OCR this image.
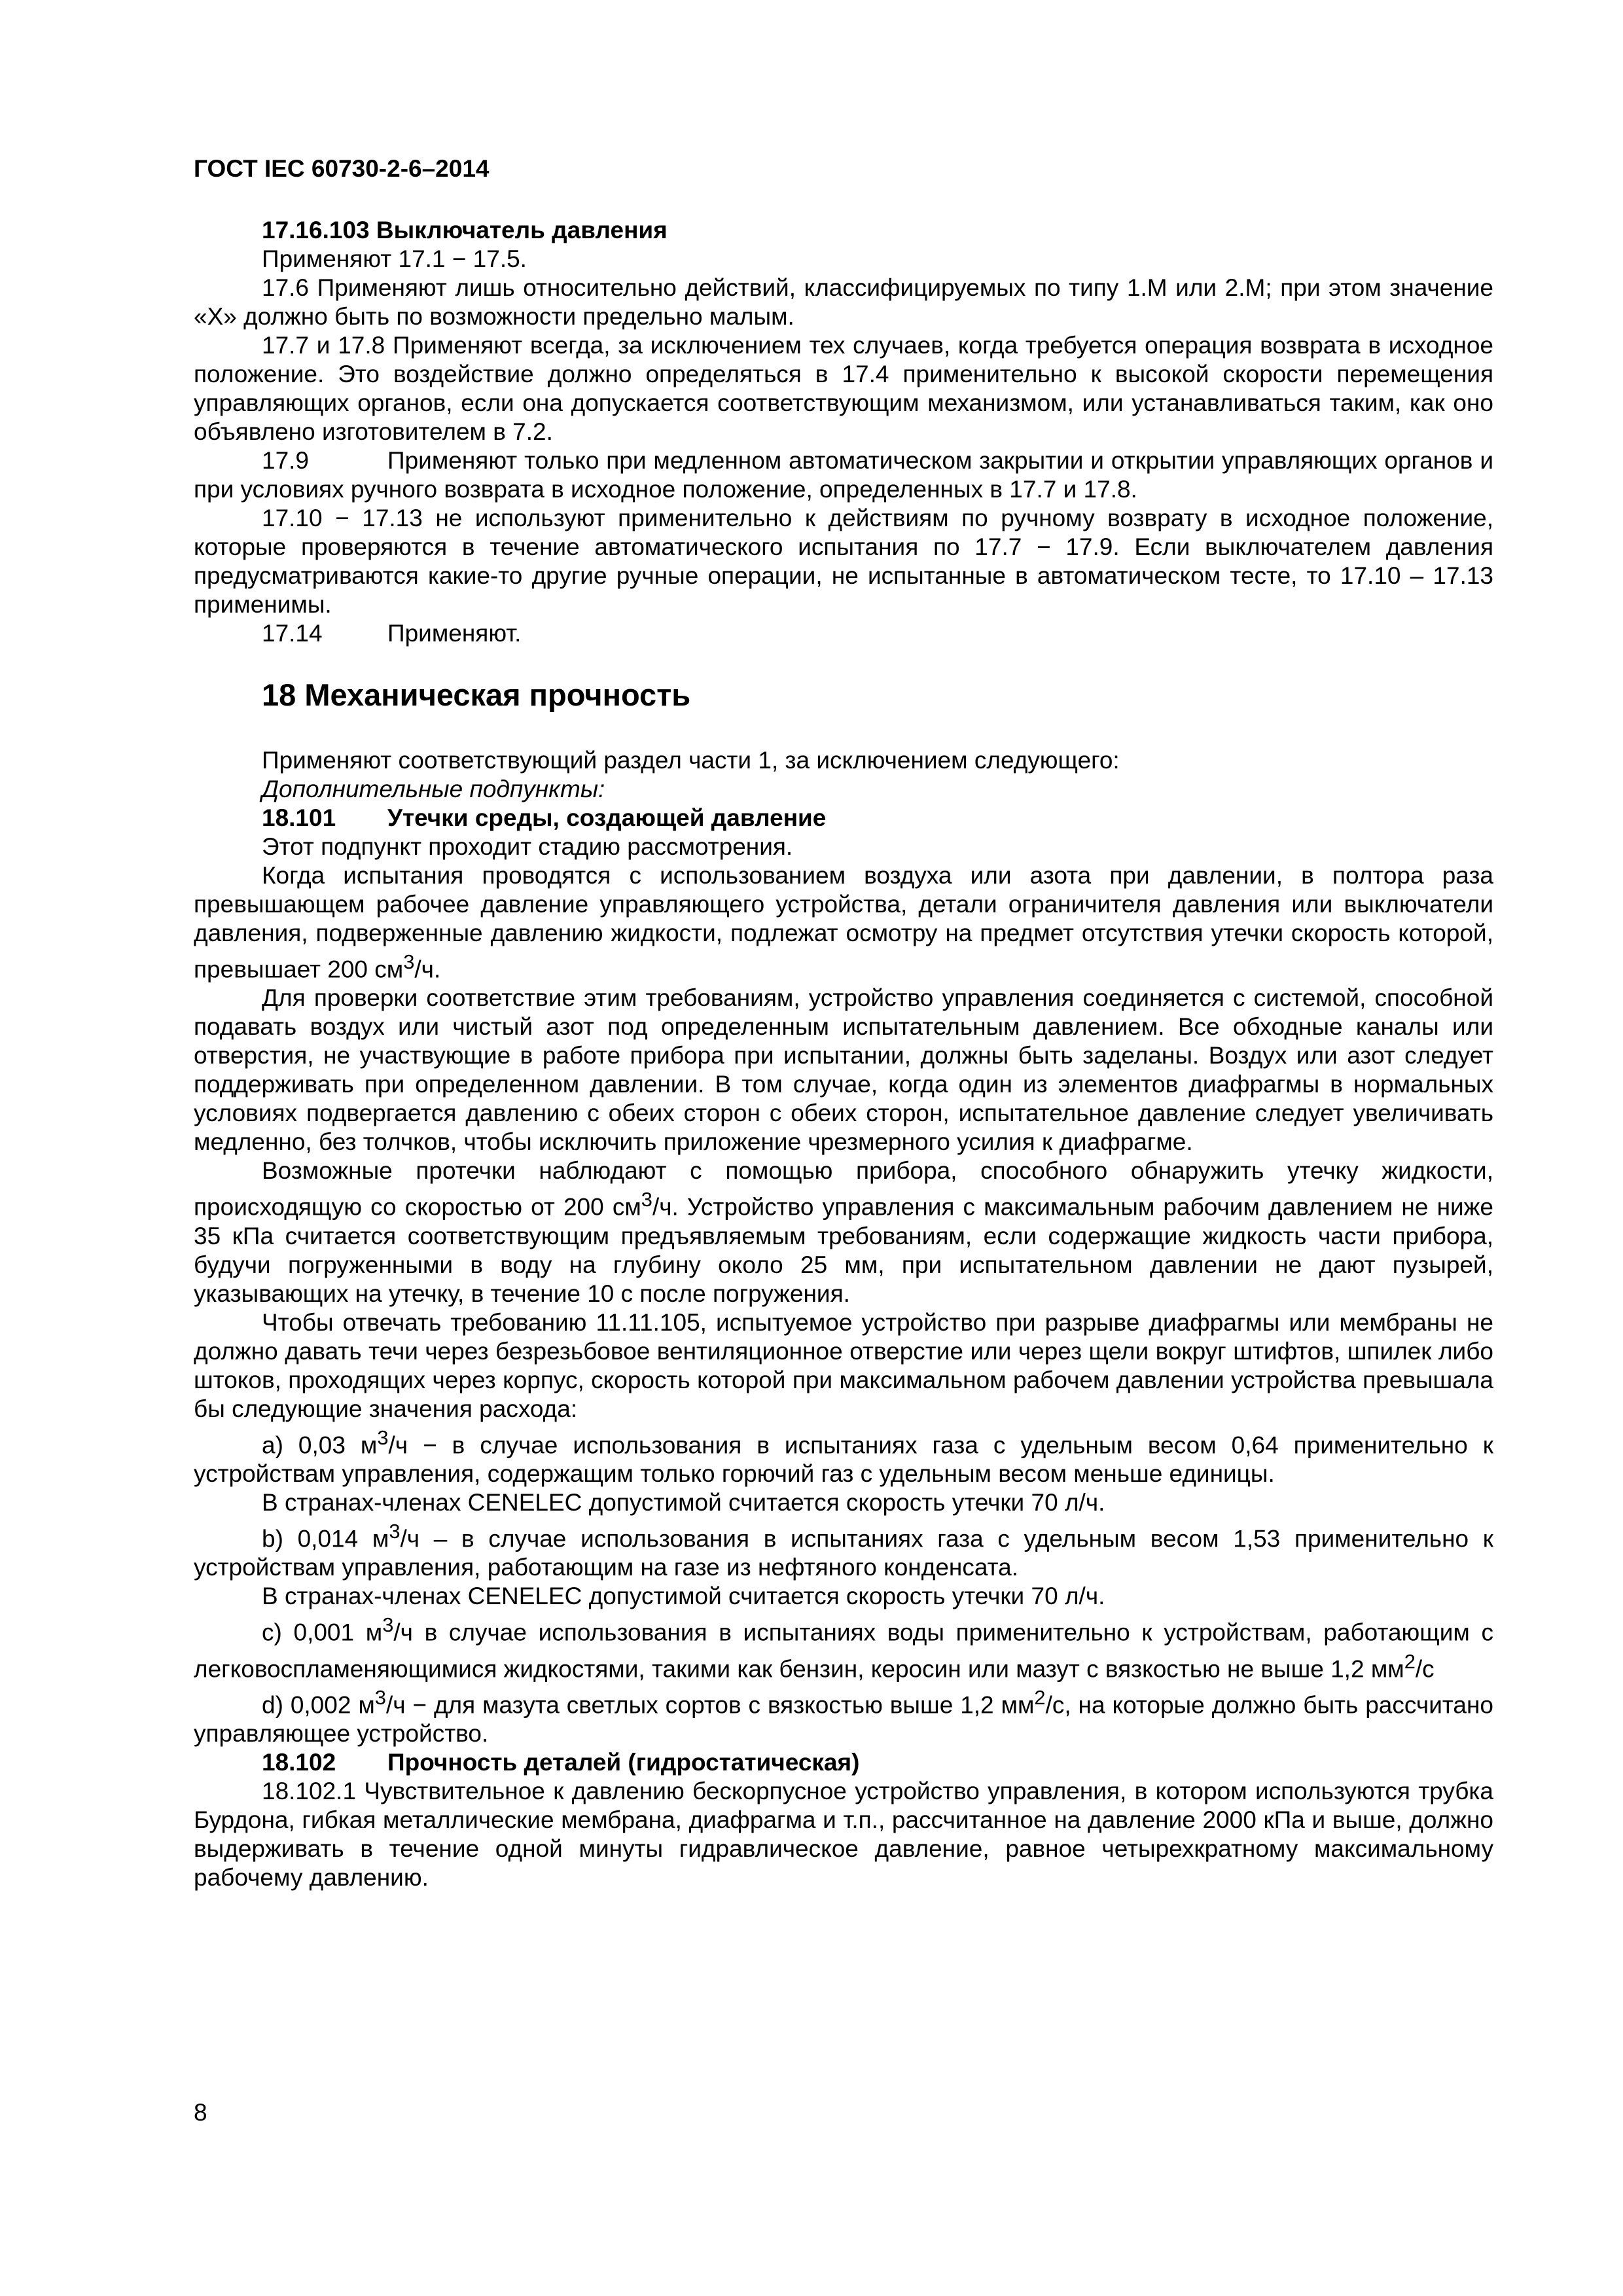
ГОСТ IEC 60730-2-6–2014

17.16.103 Выключатель давления

Применяют 17.1 − 17.5.

17.6 Применяют лишь относительно действий, классифицируемых по типу 1.М или 2.М; при этом значение «Х» должно быть по возможности предельно малым.

17.7 и 17.8 Применяют всегда, за исключением тех случаев, когда требуется операция возврата в исходное положение. Это воздействие должно определяться в 17.4 применительно к высокой скорости перемещения управляющих органов, если она допускается соответствующим механизмом, или устанавливаться таким, как оно объявлено изготовителем в 7.2.

17.9	Применяют только при медленном автоматическом закрытии и открытии управляющих органов и при условиях ручного возврата в исходное положение, определенных в 17.7 и 17.8.

17.10 − 17.13 не используют применительно к действиям по ручному возврату в исходное положение, которые проверяются в течение автоматического испытания по 17.7 − 17.9. Если выключателем давления предусматриваются какие-то другие ручные операции, не испытанные в автоматическом тесте, то 17.10 – 17.13 применимы.

17.14	Применяют.

18 Механическая прочность

Применяют соответствующий раздел части 1, за исключением следующего:

Дополнительные подпункты:

18.101 Утечки среды, создающей давление

Этот подпункт проходит стадию рассмотрения.

Когда испытания проводятся с использованием воздуха или азота при давлении, в полтора раза превышающем рабочее давление управляющего устройства, детали ограничителя давления или выключатели давления, подверженные давлению жидкости, подлежат осмотру на предмет отсутствия утечки скорость которой, превышает 200 $см^3/ч$.

Для проверки соответствие этим требованиям, устройство управления соединяется с системой, способной подавать воздух или чистый азот под определенным испытательным давлением. Все обходные каналы или отверстия, не участвующие в работе прибора при испытании, должны быть заделаны. Воздух или азот следует поддерживать при определенном давлении. В том случае, когда один из элементов диафрагмы в нормальных условиях подвергается давлению с обеих сторон с обеих сторон, испытательное давление следует увеличивать медленно, без толчков, чтобы исключить приложение чрезмерного усилия к диафрагме.

Возможные протечки наблюдают с помощью прибора, способного обнаружить утечку жидкости, происходящую со скоростью от 200 $см^3/ч$. Устройство управления с максимальным рабочим давлением не ниже 35 кПа считается соответствующим предъявляемым требованиям, если содержащие жидкость части прибора, будучи погруженными в воду на глубину около 25 мм, при испытательном давлении не дают пузырей, указывающих на утечку, в течение 10 с после погружения.

Чтобы отвечать требованию 11.11.105, испытуемое устройство при разрыве диафрагмы или мембраны не должно давать течи через безрезьбовое вентиляционное отверстие или через щели вокруг штифтов, шпилек либо штоков, проходящих через корпус, скорость которой при максимальном рабочем давлении устройства превышала бы следующие значения расхода:

а) 0,03 $м^3/ч - в$ случае использования в испытаниях газа с удельным весом 0,64 применительно к устройствам управления, содержащим только горючий газ с удельным весом меньше единицы.

В странах-членах CENELEC допустимой считается скорость утечки 70 л/ч.

b) 0,014 $м^3/ч$ – в случае использования в испытаниях газа с удельным весом 1,53 применительно к устройствам управления, работающим на газе из нефтяного конденсата.

В странах-членах CENELEC допустимой считается скорость утечки 70 л/ч.

с) 0,001 $м^3/ч$ в случае использования в испытаниях воды применительно к устройствам, работающим с легковоспламеняющимися жидкостями, такими как бензин, керосин или мазут с вязкостью не выше 1,2 $мм^2/с$

d) 0,002 $м^3/ч$ − для мазута светлых сортов с вязкостью выше 1,2 $мм^2/с$, на которые должно быть рассчитано управляющее устройство.

18.102 Прочность деталей (гидростатическая)

18.102.1 Чувствительное к давлению бескорпусное устройство управления, в котором используются трубка Бурдона, гибкая металлические мембрана, диафрагма и т.п., рассчитанное на давление 2000 кПа и выше, должно выдерживать в течение одной минуты гидравлическое давление, равное четырехкратному максимальному рабочему давлению.

8
